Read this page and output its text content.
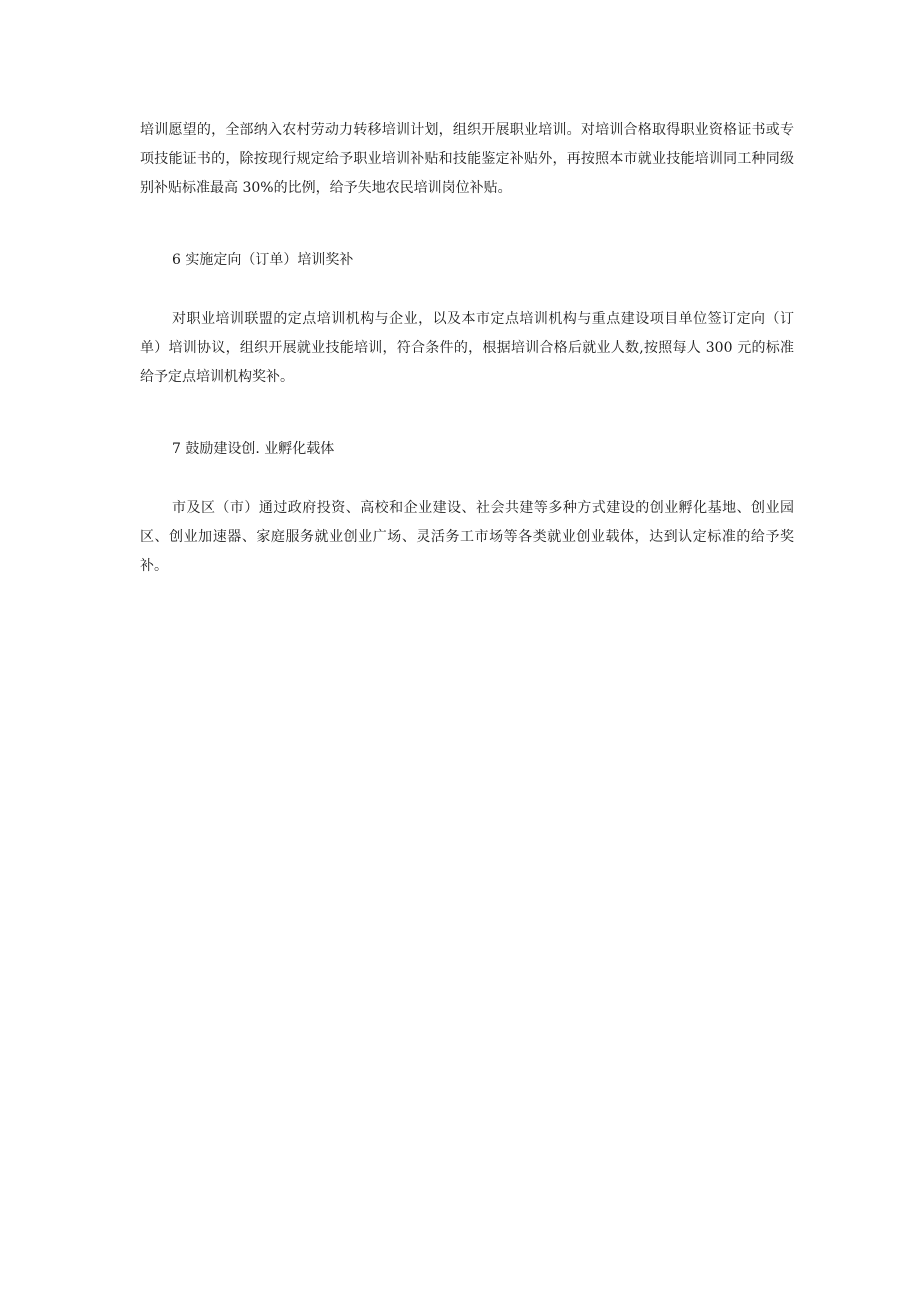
培训愿望的，全部纳入农村劳动力转移培训计划，组织开展职业培训。对培训合格取得职业资格证书或专项技能证书的，除按现行规定给予职业培训补贴和技能鉴定补贴外，再按照本市就业技能培训同工种同级别补贴标准最高 30%的比例，给予失地农民培训岗位补贴。

6 实施定向（订单）培训奖补

对职业培训联盟的定点培训机构与企业，以及本市定点培训机构与重点建设项目单位签订定向（订单）培训协议，组织开展就业技能培训，符合条件的，根据培训合格后就业人数,按照每人 300 元的标准给予定点培训机构奖补。

7 鼓励建设创. 业孵化载体

市及区（市）通过政府投资、高校和企业建设、社会共建等多种方式建设的创业孵化基地、创业园区、创业加速器、家庭服务就业创业广场、灵活务工市场等各类就业创业载体，达到认定标准的给予奖补。
